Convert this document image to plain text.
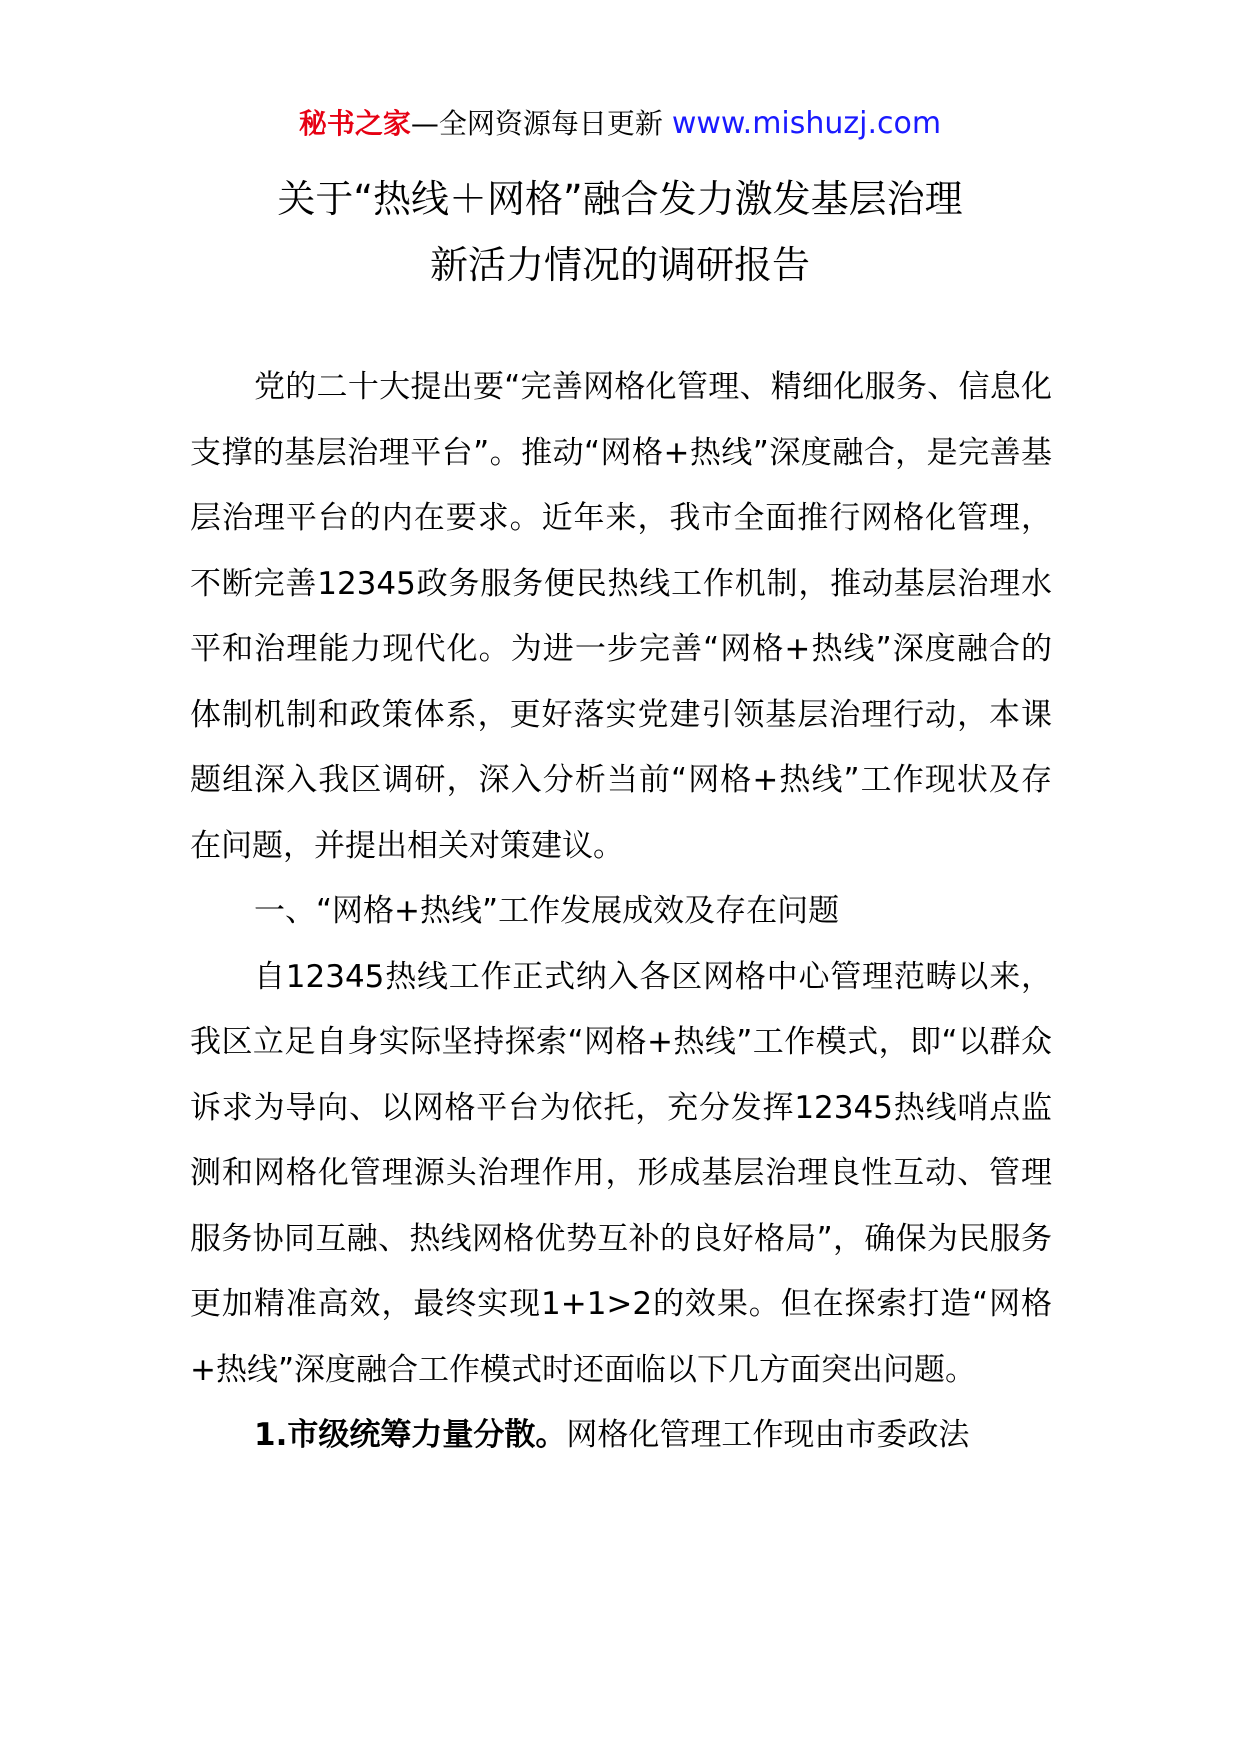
秘书之家—全网资源每日更新 www.mishuzj.com
关于“热线＋网格”融合发力激发基层治理
新活力情况的调研报告

党的二十大提出要“完善网格化管理、精细化服务、信息化支撑的基层治理平台”。推动“网格+热线”深度融合，是完善基层治理平台的内在要求。近年来，我市全面推行网格化管理，不断完善12345政务服务便民热线工作机制，推动基层治理水平和治理能力现代化。为进一步完善“网格+热线”深度融合的体制机制和政策体系，更好落实党建引领基层治理行动，本课题组深入我区调研，深入分析当前“网格+热线”工作现状及存在问题，并提出相关对策建议。

一、“网格+热线”工作发展成效及存在问题

自12345热线工作正式纳入各区网格中心管理范畴以来，我区立足自身实际坚持探索“网格+热线”工作模式，即“以群众诉求为导向、以网格平台为依托，充分发挥12345热线哨点监测和网格化管理源头治理作用，形成基层治理良性互动、管理服务协同互融、热线网格优势互补的良好格局”，确保为民服务更加精准高效，最终实现1+1>2的效果。但在探索打造“网格+热线”深度融合工作模式时还面临以下几方面突出问题。

1.市级统筹力量分散。网格化管理工作现由市委政法
